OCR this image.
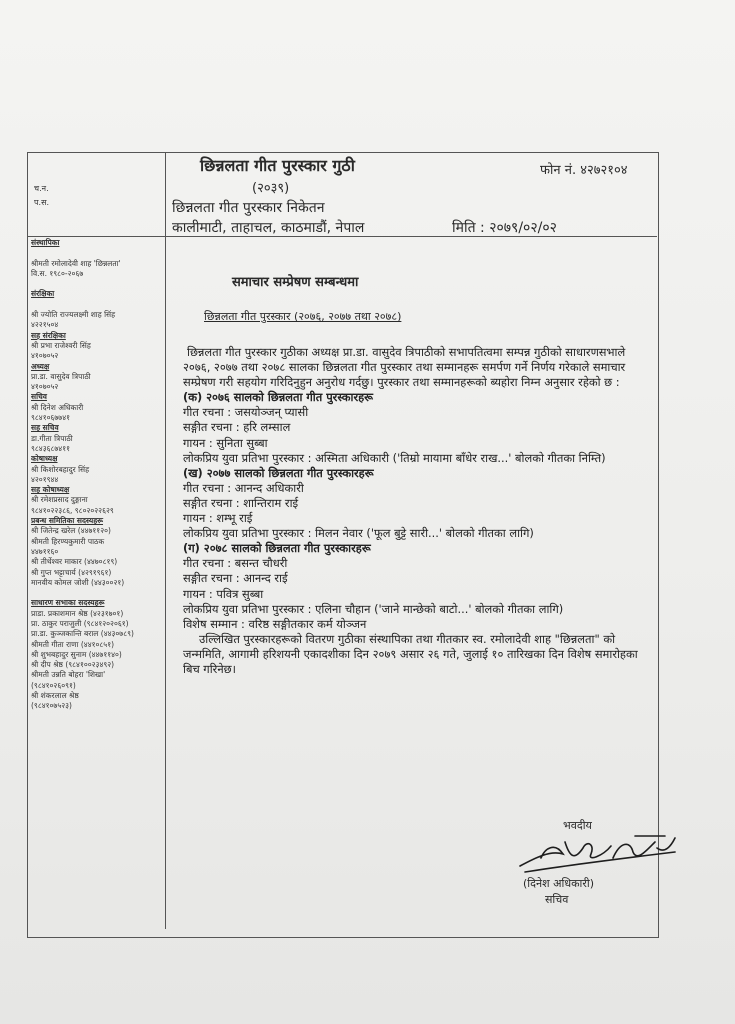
च.न.
प.स.
छिन्नलता गीत पुरस्कार गुठी
(२०३९)
फोन नं. ४२७२१०४
छिन्नलता गीत पुरस्कार निकेतन
कालीमाटी, ताहाचल, काठमाडौं, नेपाल	मिति : २०७९/०२/०२
संस्थापिका

श्रीमती रमोलादेवी शाह 'छिन्नलता'
वि.स. १९८०-२०६७

संरक्षिका

श्री ज्योति राज्यलक्ष्मी शाह सिंह
४२२१५०४
सह संरक्षिका
श्री प्रभा राजेश्वरी सिंह
४१०७०५२
अध्यक्ष
प्रा.डा. वासुदेव त्रिपाठी
४१०७०५२
सचिव
श्री दिनेश अधिकारी
९८४१०६७७४१
सह सचिव
डा.गीता त्रिपाठी
९८४३६८७४११
कोषाध्यक्ष
श्री किशोरबहादुर सिंह
४२०१९४४
सह कोषाध्यक्ष
श्री रमेशप्रसाद दुङ्गाना
९८४१०२२३८६, ९८०२०२२६२९
प्रबन्ध समितिका सदस्यहरू
श्री जितेन्द्र खरेल (४४७११२०)
श्रीमती हिरण्यकुमारी पाठक
४४७११६०
श्री तीर्थेश्वर माकार (४४७०८१९)
श्री गुप्त भट्टाचार्य (४२९१९६१)
मानवीय कोमल जोशी (४४३००२१)

साधारण सभाका सदस्यहरू
प्राडा. प्रकाशमान श्रेष्ठ (४२३१७०१)
प्रा. ठाकुर पराजुली (९८४१२०२०६१)
प्रा.डा. कुञ्जकान्ति बराल (४४३०७८९)
श्रीमती गीता राणा (४४१०८५१)
श्री शुभबहादुर सुनाम (४४७११४०)
श्री दीप श्रेष्ठ (९८४१००२३४९२)
श्रीमती उन्नति बोहरा 'शिखा'
(९८४१०२६०९१)
श्री शंकरलाल श्रेष्ठ
(९८४१०७५२३)
समाचार सम्प्रेषण सम्बन्धमा
छिन्नलता गीत पुरस्कार (२०७६, २०७७ तथा २०७८)

छिन्नलता गीत पुरस्कार गुठीका अध्यक्ष प्रा.डा. वासुदेव त्रिपाठीको सभापतित्वमा सम्पन्न गुठीको साधारणसभाले २०७६, २०७७ तथा २०७८ सालका छिन्नलता गीत पुरस्कार तथा सम्मानहरू समर्पण गर्ने निर्णय गरेकाले समाचार सम्प्रेषण गरी सहयोग गरिदिनुहुन अनुरोध गर्दछु। पुरस्कार तथा सम्मानहरूको ब्यहोरा निम्न अनुसार रहेको छ :

(क) २०७६ सालको छिन्नलता गीत पुरस्कारहरू

गीत रचना : जसयोञ्जन् प्यासी

सङ्गीत रचना : हरि लम्साल

गायन : सुनिता सुब्बा

लोकप्रिय युवा प्रतिभा पुरस्कार : अस्मिता अधिकारी ('तिम्रो मायामा बाँधेर राख...' बोलको गीतका निम्ति)

(ख) २०७७ सालको छिन्नलता गीत पुरस्कारहरू

गीत रचना : आनन्द अधिकारी

सङ्गीत रचना : शान्तिराम राई

गायन : शम्भू राई

लोकप्रिय युवा प्रतिभा पुरस्कार : मिलन नेवार ('फूल बुट्टे सारी...' बोलको गीतका लागि)

(ग) २०७८ सालको छिन्नलता गीत पुरस्कारहरू

गीत रचना : बसन्त चौधरी

सङ्गीत रचना : आनन्द राई

गायन : पवित्र सुब्बा

लोकप्रिय युवा प्रतिभा पुरस्कार : एलिना चौहान ('जाने मान्छेको बाटो...' बोलको गीतका लागि)

विशेष सम्मान : वरिष्ठ सङ्गीतकार कर्म योञ्जन

उल्लिखित पुरस्कारहरूको वितरण गुठीका संस्थापिका तथा गीतकार स्व. रमोलादेवी शाह "छिन्नलता" को जन्ममिति, आगामी हरिशयनी एकादशीका दिन २०७९ असार २६ गते, जुलाई १० तारिखका दिन विशेष समारोहका बिच गरिनेछ।

भवदीय
(दिनेश अधिकारी)
सचिव
